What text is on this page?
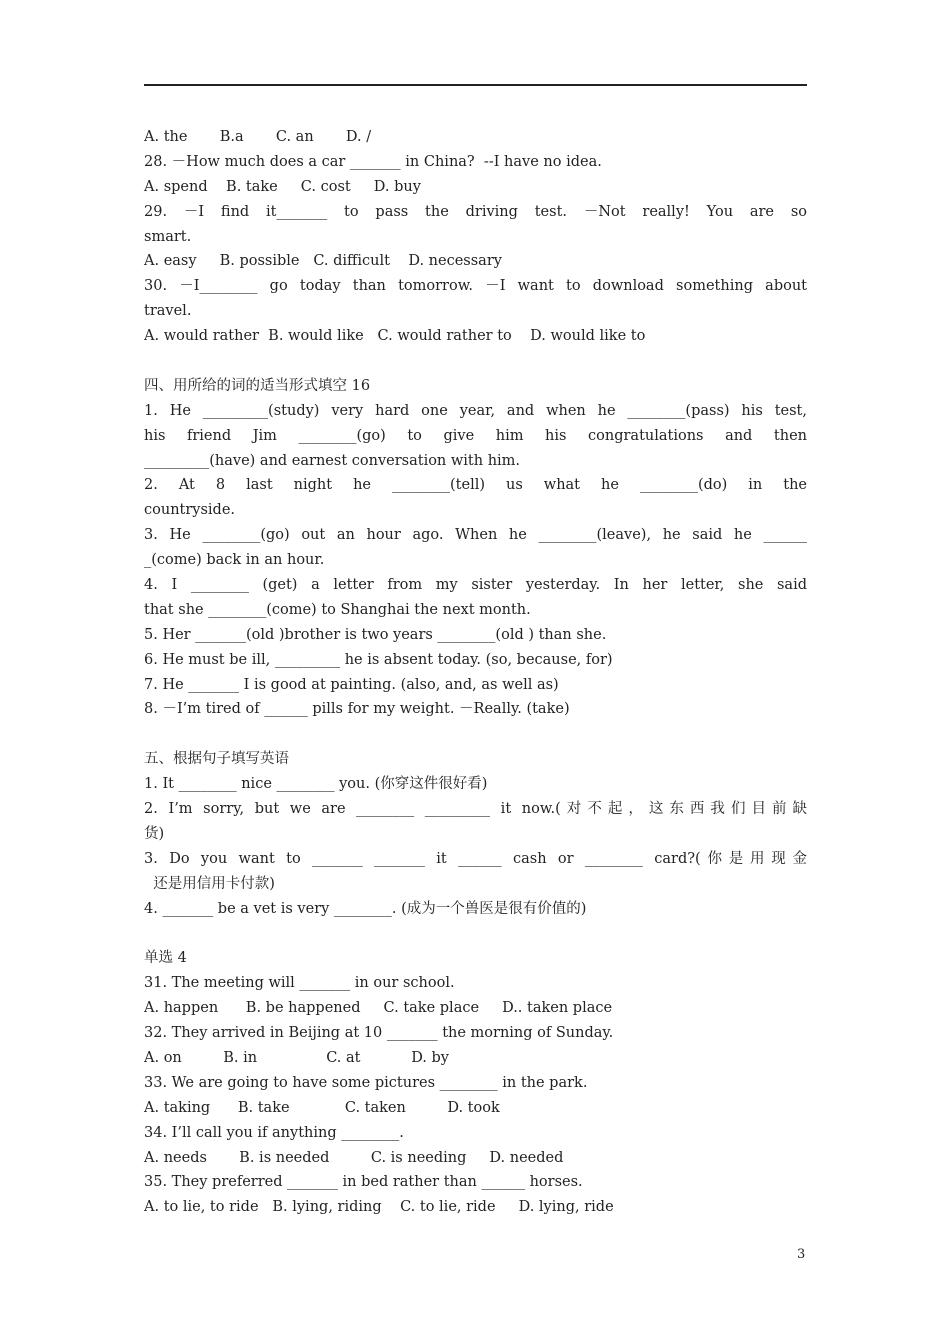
A. the       B.a       C. an       D. /
28. －How much does a car _______ in China?  --I have no idea.
A. spend    B. take     C. cost     D. buy
29. －I find it_______ to pass the driving test. －Not really! You are so
smart.
A. easy     B. possible   C. difficult    D. necessary
30. －I________ go today than tomorrow. －I want to download something about
travel.
A. would rather  B. would like   C. would rather to    D. would like to
四、用所给的词的适当形式填空 16
1. He _________(study) very hard one year, and when he ________(pass) his test,
his friend Jim ________(go) to give him his congratulations and then
_________(have) and earnest conversation with him.
2. At 8 last night he ________(tell) us what he ________(do) in the
countryside.
3. He ________(go) out an hour ago. When he ________(leave), he said he ______
_(come) back in an hour.
4. I ________ (get) a letter from my sister yesterday. In her letter, she said
that she ________(come) to Shanghai the next month.
5. Her _______(old )brother is two years ________(old ) than she.
6. He must be ill, _________ he is absent today. (so, because, for)
7. He _______ I is good at painting. (also, and, as well as)
8. －I’m tired of ______ pills for my weight. －Really. (take)
五、根据句子填写英语
1. It ________ nice ________ you. (你穿这件很好看)
2. I’m sorry, but we are ________ _________ it now.(对不起，这东西我们目前缺
货)
3. Do you want to _______ _______ it ______ cash or ________ card?(你是用现金
还是用信用卡付款)
4. _______ be a vet is very ________. (成为一个兽医是很有价值的)
单选 4
31. The meeting will _______ in our school.
A. happen      B. be happened     C. take place     D.. taken place
32. They arrived in Beijing at 10 _______ the morning of Sunday.
A. on         B. in               C. at           D. by
33. We are going to have some pictures ________ in the park.
A. taking      B. take            C. taken         D. took
34. I’ll call you if anything ________.
A. needs       B. is needed         C. is needing     D. needed
35. They preferred _______ in bed rather than ______ horses.
A. to lie, to ride   B. lying, riding    C. to lie, ride     D. lying, ride
3
